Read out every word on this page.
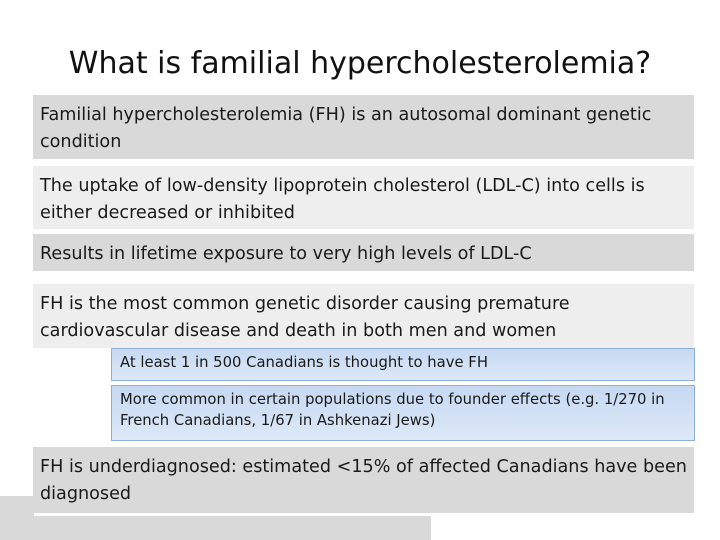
What is familial hypercholesterolemia?
Familial hypercholesterolemia (FH) is an autosomal dominant genetic condition
The uptake of low-density lipoprotein cholesterol (LDL-C) into cells is either decreased or inhibited
Results in lifetime exposure to very high levels of LDL-C
FH is the most common genetic disorder causing premature cardiovascular disease and death in both men and women
At least 1 in 500 Canadians is thought to have FH
More common in certain populations due to founder effects (e.g. 1/270 in French Canadians, 1/67 in Ashkenazi Jews)
FH is underdiagnosed: estimated <15% of affected Canadians have been diagnosed
